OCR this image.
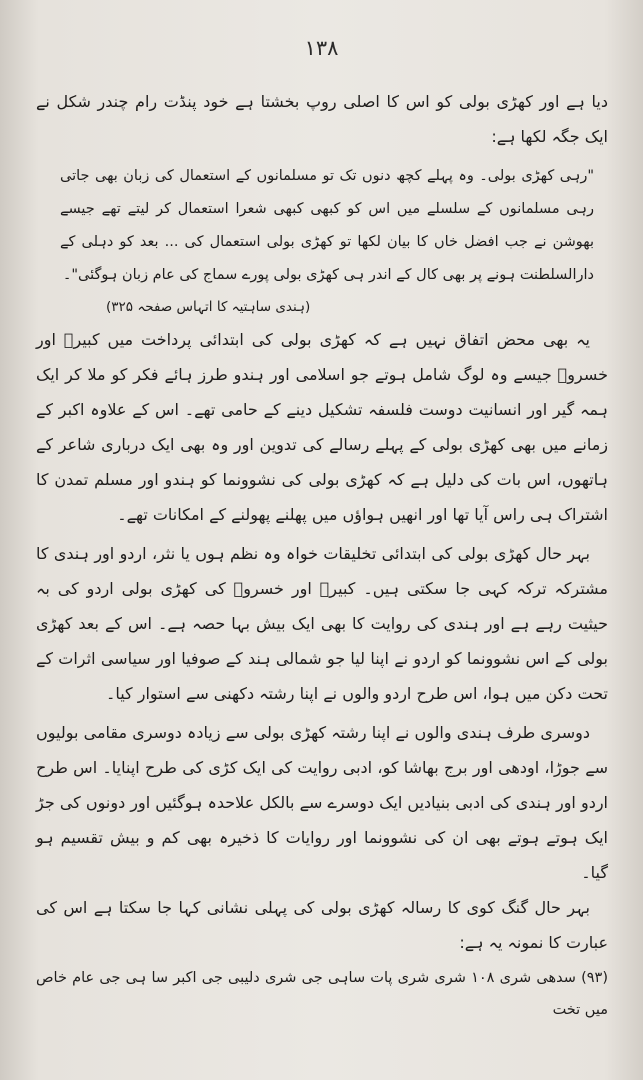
۱۳۸

دیا ہے اور کھڑی بولی کو اس کا اصلی روپ بخشتا ہے خود پنڈت رام چندر شکل نے ایک جگہ لکھا ہے:

"رہی کھڑی بولی۔ وہ پہلے کچھ دنوں تک تو مسلمانوں کے استعمال کی زبان بھی جاتی رہی مسلمانوں کے سلسلے میں اس کو کبھی کبھی شعرا استعمال کر لیتے تھے جیسے بھوشن نے جب افضل خاں کا بیان لکھا تو کھڑی بولی استعمال کی ... بعد کو دہلی کے دارالسلطنت ہونے پر بھی کال کے اندر ہی کھڑی بولی پورے سماج کی عام زبان ہوگئی"۔

(ہندی ساہتیہ کا اتہاس صفحہ ۳۲۵)

یہ بھی محض اتفاق نہیں ہے کہ کھڑی بولی کی ابتدائی پرداخت میں کبیرؔ اور خسروؔ جیسے وہ لوگ شامل ہوتے جو اسلامی اور ہندو طرز ہائے فکر کو ملا کر ایک ہمہ گیر اور انسانیت دوست فلسفہ تشکیل دینے کے حامی تھے۔ اس کے علاوہ اکبر کے زمانے میں بھی کھڑی بولی کے پہلے رسالے کی تدوین اور وہ بھی ایک درباری شاعر کے ہاتھوں، اس بات کی دلیل ہے کہ کھڑی بولی کی نشوونما کو ہندو اور مسلم تمدن کا اشتراک ہی راس آیا تھا اور انھیں ہواؤں میں پھلنے پھولنے کے امکانات تھے۔

بہر حال کھڑی بولی کی ابتدائی تخلیقات خواہ وہ نظم ہوں یا نثر، اردو اور ہندی کا مشترکہ ترکہ کہی جا سکتی ہیں۔ کبیرؔ اور خسروؔ کی کھڑی بولی اردو کی بہ حیثیت رہے ہے اور ہندی کی روایت کا بھی ایک بیش بہا حصہ ہے۔ اس کے بعد کھڑی بولی کے اس نشوونما کو اردو نے اپنا لیا جو شمالی ہند کے صوفیا اور سیاسی اثرات کے تحت دکن میں ہوا، اس طرح اردو والوں نے اپنا رشتہ دکھنی سے استوار کیا۔

دوسری طرف ہندی والوں نے اپنا رشتہ کھڑی بولی سے زیادہ دوسری مقامی بولیوں سے جوڑا، اودھی اور برج بھاشا کو، ادبی روایت کی ایک کڑی کی طرح اپنایا۔ اس طرح اردو اور ہندی کی ادبی بنیادیں ایک دوسرے سے بالکل علاحدہ ہوگئیں اور دونوں کی جڑ ایک ہوتے ہوتے بھی ان کی نشوونما اور روایات کا ذخیرہ بھی کم و بیش تقسیم ہو گیا۔

بہر حال گنگ کوی کا رسالہ کھڑی بولی کی پہلی نشانی کہا جا سکتا ہے اس کی عبارت کا نمونہ یہ ہے:

(۹۳) سدھی شری ۱۰۸ شری شری پات ساہی جی شری دلیبی جی اکبر سا ہی جی عام خاص میں تخت
